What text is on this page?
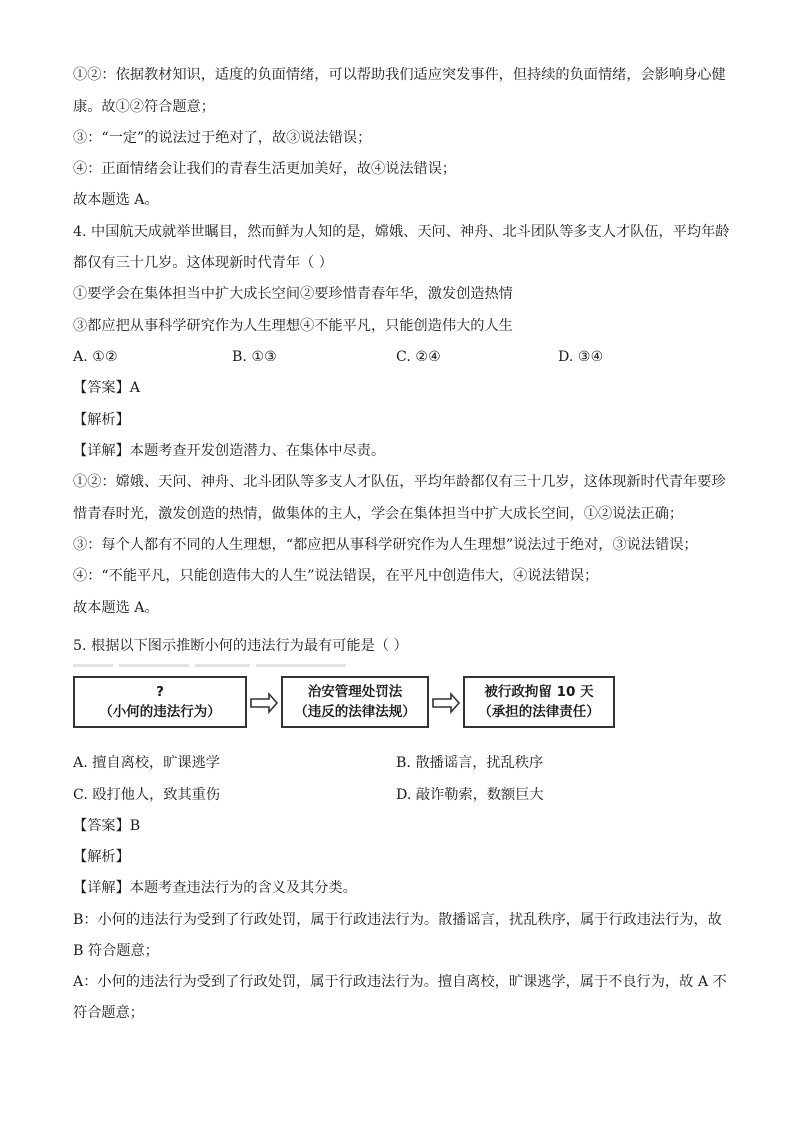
①②：依据教材知识，适度的负面情绪，可以帮助我们适应突发事件，但持续的负面情绪，会影响身心健
康。故①②符合题意；
③：“一定”的说法过于绝对了，故③说法错误；
④：正面情绪会让我们的青春生活更加美好，故④说法错误；
故本题选 A。
4. 中国航天成就举世瞩目，然而鲜为人知的是，嫦娥、天问、神舟、北斗团队等多支人才队伍，平均年龄
都仅有三十几岁。这体现新时代青年（ ）
①要学会在集体担当中扩大成长空间②要珍惜青春年华，激发创造热情
③都应把从事科学研究作为人生理想④不能平凡，只能创造伟大的人生
A. ①②	B. ①③	C. ②④	D. ③④
【答案】A
【解析】
【详解】本题考查开发创造潜力、在集体中尽责。
①②：嫦娥、天问、神舟、北斗团队等多支人才队伍，平均年龄都仅有三十几岁，这体现新时代青年要珍
惜青春时光，激发创造的热情，做集体的主人，学会在集体担当中扩大成长空间，①②说法正确；
③：每个人都有不同的人生理想，“都应把从事科学研究作为人生理想”说法过于绝对，③说法错误；
④：“不能平凡，只能创造伟大的人生”说法错误，在平凡中创造伟大，④说法错误；
故本题选 A。
5. 根据以下图示推断小何的违法行为最有可能是（ ）
?
（小何的违法行为）
治安管理处罚法
（违反的法律法规）
被行政拘留 10 天
（承担的法律责任）
A. 擅自离校，旷课逃学	B. 散播谣言，扰乱秩序
C. 殴打他人，致其重伤	D. 敲诈勒索，数额巨大
【答案】B
【解析】
【详解】本题考查违法行为的含义及其分类。
B：小何的违法行为受到了行政处罚，属于行政违法行为。散播谣言，扰乱秩序，属于行政违法行为，故
B 符合题意；
A：小何的违法行为受到了行政处罚，属于行政违法行为。擅自离校，旷课逃学，属于不良行为，故 A 不
符合题意；
